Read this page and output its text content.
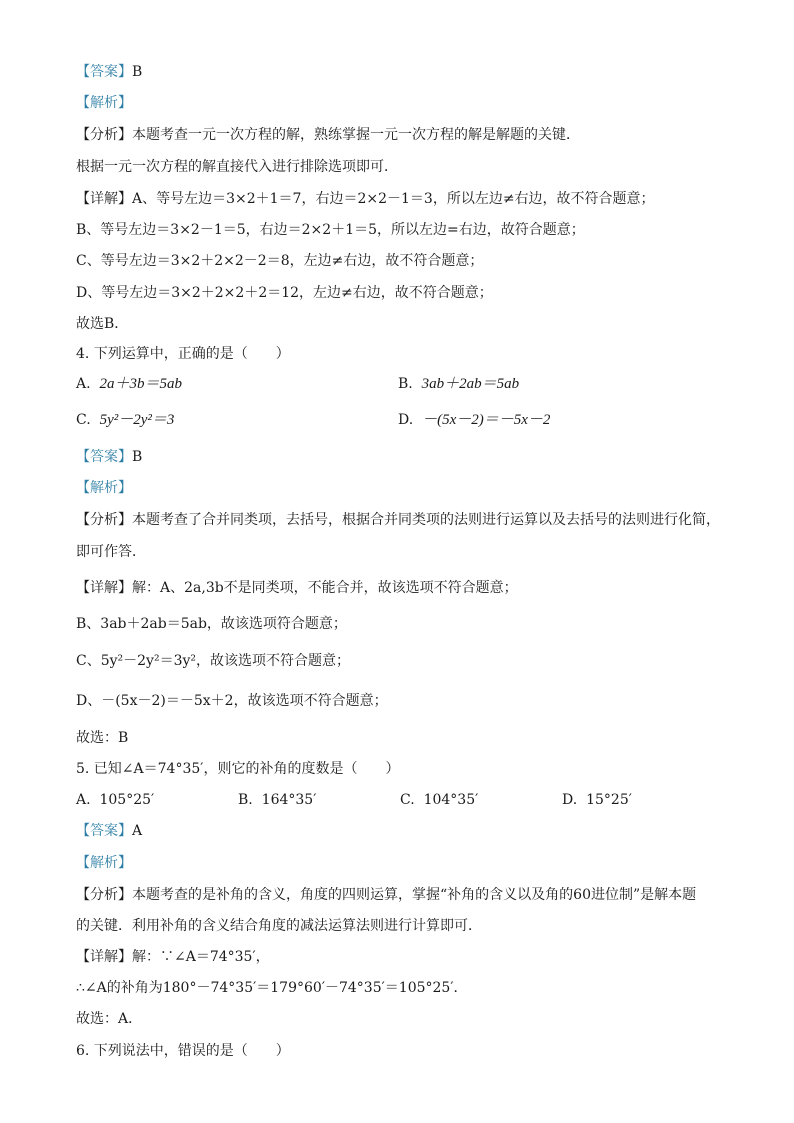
【答案】B
【解析】
【分析】本题考查一元一次方程的解，熟练掌握一元一次方程的解是解题的关键．
根据一元一次方程的解直接代入进行排除选项即可．
【详解】A、等号左边＝3×2＋1＝7，右边＝2×2－1＝3，所以左边≠右边，故不符合题意；
B、等号左边＝3×2－1＝5，右边＝2×2＋1＝5，所以左边=右边，故符合题意；
C、等号左边＝3×2＋2×2－2＝8，左边≠右边，故不符合题意；
D、等号左边＝3×2＋2×2＋2＝12，左边≠右边，故不符合题意；
故选B．
4. 下列运算中，正确的是（　　）
A. 2a＋3b＝5ab	B. 3ab＋2ab＝5ab
C. 5y²－2y²＝3	D. －(5x－2)＝－5x－2
【答案】B
【解析】
【分析】本题考查了合并同类项，去括号，根据合并同类项的法则进行运算以及去括号的法则进行化简，
即可作答．
【详解】解：A、2a,3b不是同类项，不能合并，故该选项不符合题意；
B、3ab＋2ab＝5ab，故该选项符合题意；
C、5y²－2y²＝3y²，故该选项不符合题意；
D、－(5x－2)＝－5x＋2，故该选项不符合题意；
故选：B
5. 已知∠A＝74°35′，则它的补角的度数是（　　）
A. 105°25′	B. 164°35′	C. 104°35′	D. 15°25′
【答案】A
【解析】
【分析】本题考查的是补角的含义，角度的四则运算，掌握“补角的含义以及角的60进位制”是解本题
的关键．利用补角的含义结合角度的减法运算法则进行计算即可．
【详解】解：∵∠A＝74°35′，
∴∠A的补角为180°－74°35′＝179°60′－74°35′＝105°25′．
故选：A．
6. 下列说法中，错误的是（　　）
